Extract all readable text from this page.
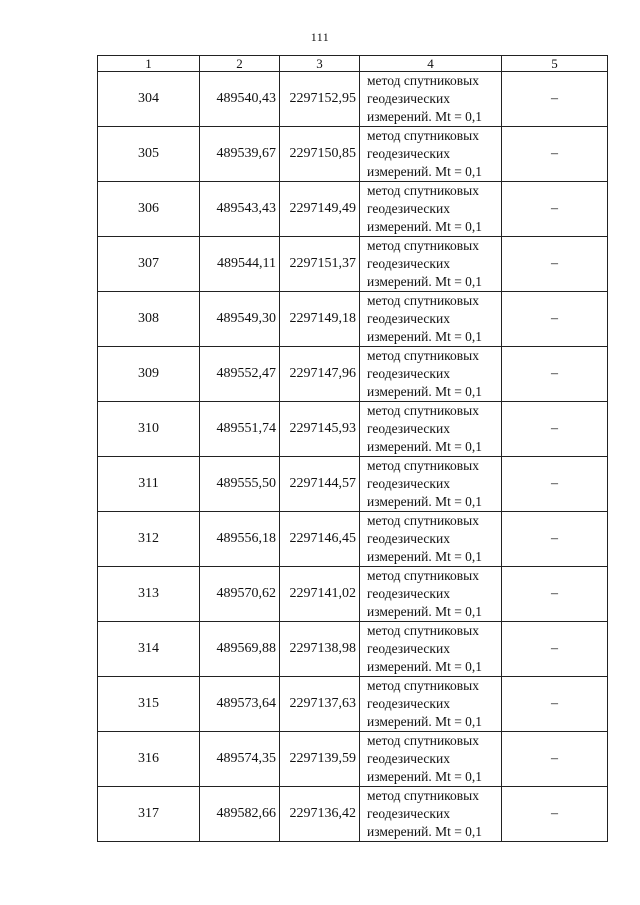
111
1	2	3	4	5
304	489540,43	2297152,95	метод спутниковых
геодезических
измерений. Mt = 0,1	–
305	489539,67	2297150,85	метод спутниковых
геодезических
измерений. Mt = 0,1	–
306	489543,43	2297149,49	метод спутниковых
геодезических
измерений. Mt = 0,1	–
307	489544,11	2297151,37	метод спутниковых
геодезических
измерений. Mt = 0,1	–
308	489549,30	2297149,18	метод спутниковых
геодезических
измерений. Mt = 0,1	–
309	489552,47	2297147,96	метод спутниковых
геодезических
измерений. Mt = 0,1	–
310	489551,74	2297145,93	метод спутниковых
геодезических
измерений. Mt = 0,1	–
311	489555,50	2297144,57	метод спутниковых
геодезических
измерений. Mt = 0,1	–
312	489556,18	2297146,45	метод спутниковых
геодезических
измерений. Mt = 0,1	–
313	489570,62	2297141,02	метод спутниковых
геодезических
измерений. Mt = 0,1	–
314	489569,88	2297138,98	метод спутниковых
геодезических
измерений. Mt = 0,1	–
315	489573,64	2297137,63	метод спутниковых
геодезических
измерений. Mt = 0,1	–
316	489574,35	2297139,59	метод спутниковых
геодезических
измерений. Mt = 0,1	–
317	489582,66	2297136,42	метод спутниковых
геодезических
измерений. Mt = 0,1	–
